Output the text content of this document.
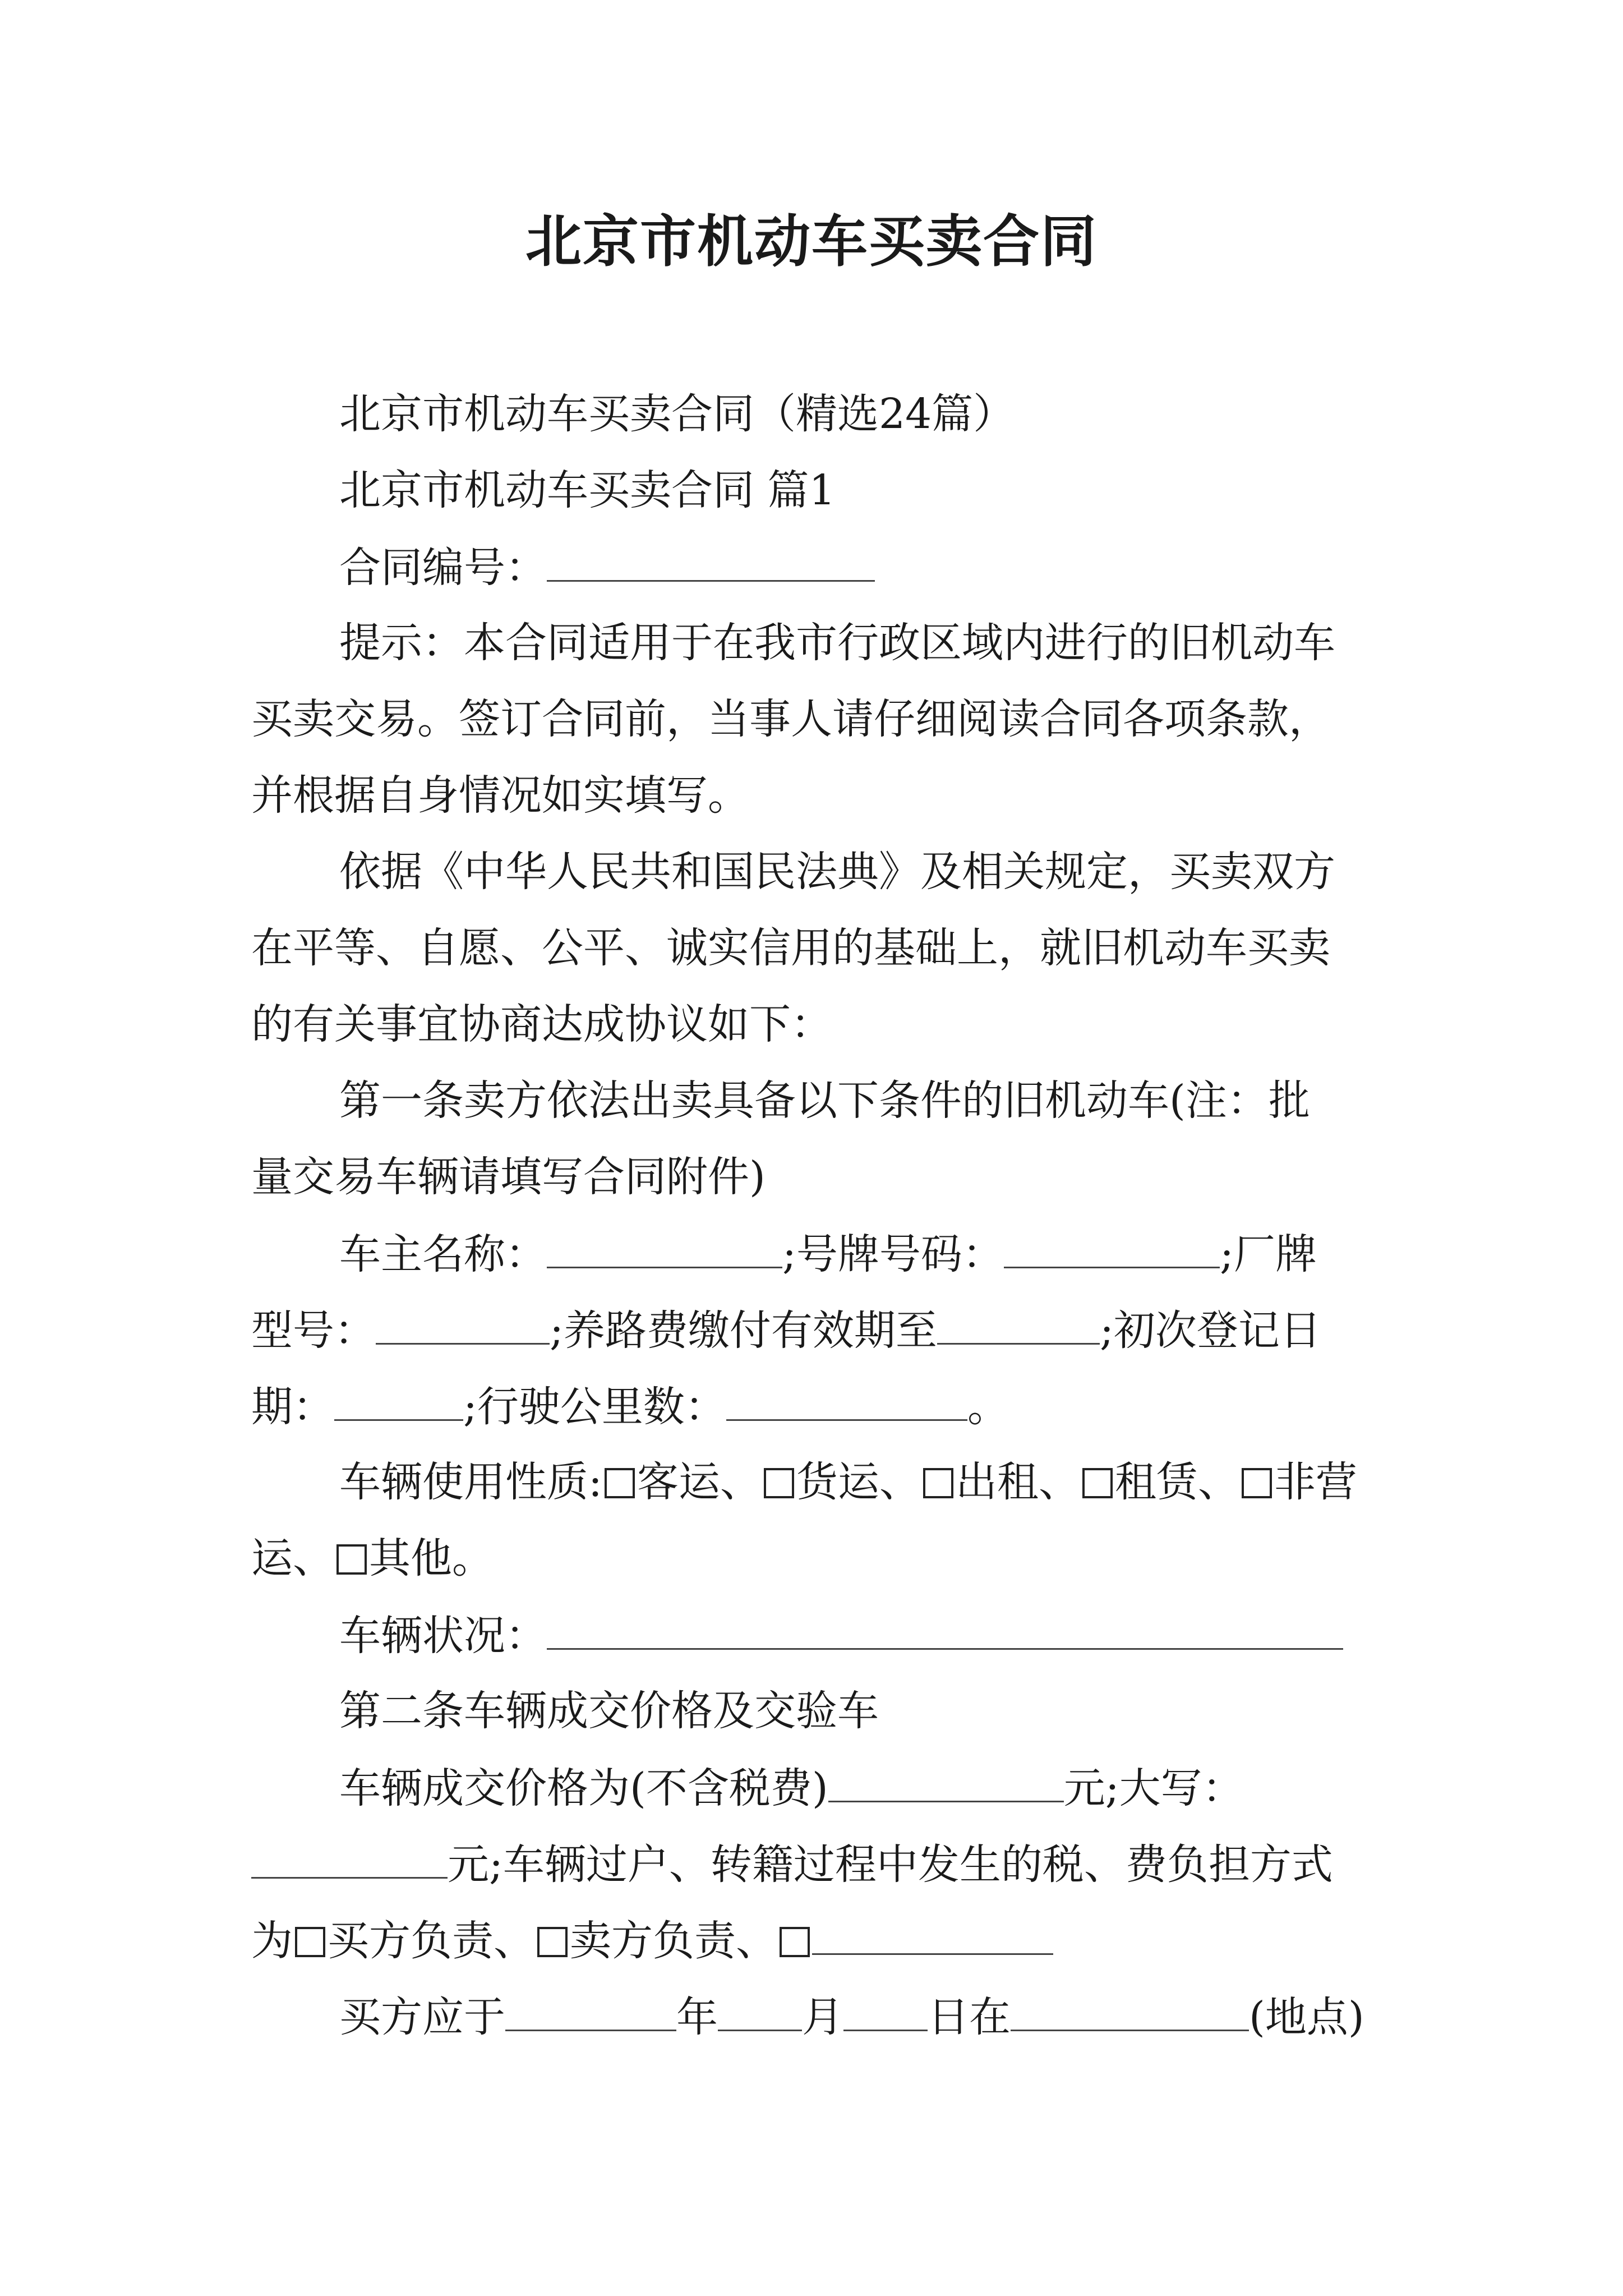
北京市机动车买卖合同
北京市机动车买卖合同（精选24篇）
北京市机动车买卖合同 篇1
合同编号：
提示：本合同适用于在我市行政区域内进行的旧机动车
买卖交易。签订合同前，当事人请仔细阅读合同各项条款，
并根据自身情况如实填写。
依据《中华人民共和国民法典》及相关规定，买卖双方
在平等、自愿、公平、诚实信用的基础上，就旧机动车买卖
的有关事宜协商达成协议如下：
第一条卖方依法出卖具备以下条件的旧机动车(注：批
量交易车辆请填写合同附件)
车主名称：	;号牌号码：	;厂牌
型号：	;养路费缴付有效期至	;初次登记日
期：	;行驶公里数：	。
车辆使用性质: 客运、 货运、 出租、 租赁、 非营
运、 其他。
车辆状况：
第二条车辆成交价格及交验车
车辆成交价格为(不含税费)	元;大写：
元;车辆过户、转籍过程中发生的税、费负担方式
为 买方负责、 卖方负责、
买方应于	年 月 日在	(地点)
